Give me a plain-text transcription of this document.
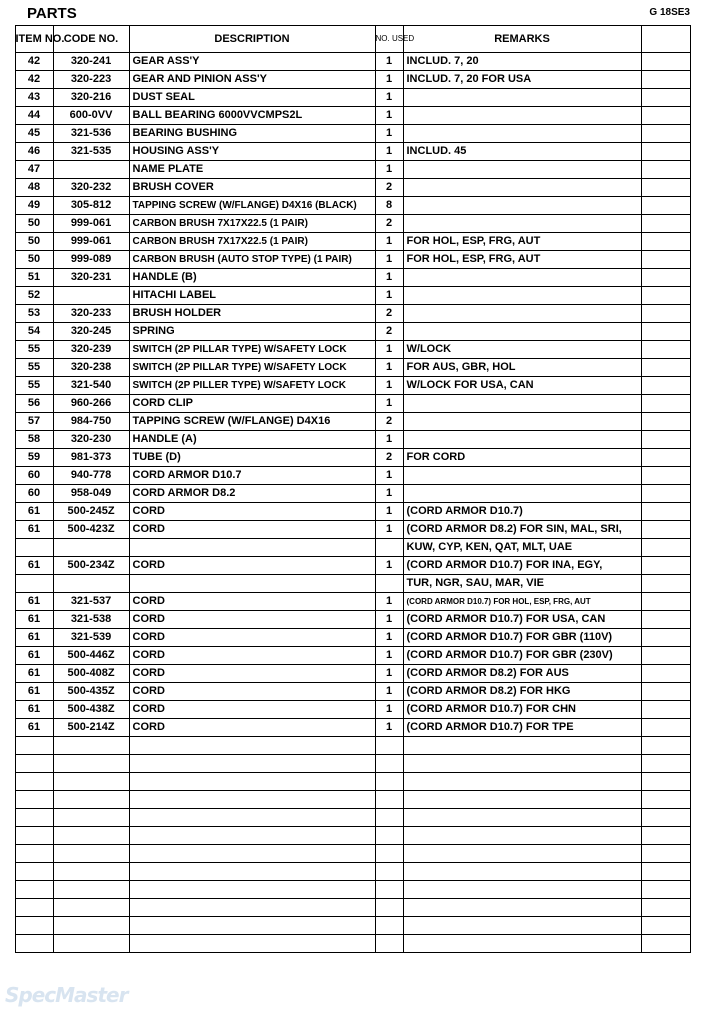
PARTS	G 18SE3
	ITEM NO.	CODE NO.	DESCRIPTION	NO. USED	REMARKS	
	42	320-241	GEAR ASS'Y	1	INCLUD. 7, 20	
	42	320-223	GEAR AND PINION ASS'Y	1	INCLUD. 7, 20 FOR USA	
	43	320-216	DUST SEAL	1		
	44	600-0VV	BALL BEARING 6000VVCMPS2L	1		
	45	321-536	BEARING BUSHING	1		
	46	321-535	HOUSING ASS'Y	1	INCLUD. 45	
	47		NAME PLATE	1		
	48	320-232	BRUSH COVER	2		
	49	305-812	TAPPING SCREW (W/FLANGE) D4X16 (BLACK)	8		
	50	999-061	CARBON BRUSH 7X17X22.5 (1 PAIR)	2		
	50	999-061	CARBON BRUSH 7X17X22.5 (1 PAIR)	1	FOR HOL, ESP, FRG, AUT	
	50	999-089	CARBON BRUSH (AUTO STOP TYPE) (1 PAIR)	1	FOR HOL, ESP, FRG, AUT	
	51	320-231	HANDLE (B)	1		
	52		HITACHI LABEL	1		
	53	320-233	BRUSH HOLDER	2		
	54	320-245	SPRING	2		
	55	320-239	SWITCH (2P PILLAR TYPE) W/SAFETY LOCK	1	W/LOCK	
	55	320-238	SWITCH (2P PILLAR TYPE) W/SAFETY LOCK	1	FOR AUS, GBR, HOL	
	55	321-540	SWITCH (2P PILLER TYPE) W/SAFETY LOCK	1	W/LOCK FOR USA, CAN	
	56	960-266	CORD CLIP	1		
	57	984-750	TAPPING SCREW (W/FLANGE) D4X16	2		
	58	320-230	HANDLE (A)	1		
	59	981-373	TUBE (D)	2	FOR CORD	
	60	940-778	CORD ARMOR D10.7	1		
	60	958-049	CORD ARMOR D8.2	1		
	61	500-245Z	CORD	1	(CORD ARMOR D10.7)	
	61	500-423Z	CORD	1	(CORD ARMOR D8.2) FOR SIN, MAL, SRI,	
					KUW, CYP, KEN, QAT, MLT, UAE	
	61	500-234Z	CORD	1	(CORD ARMOR D10.7) FOR INA, EGY,	
					TUR, NGR, SAU, MAR, VIE	
	61	321-537	CORD	1	(CORD ARMOR D10.7) FOR HOL, ESP, FRG, AUT	
	61	321-538	CORD	1	(CORD ARMOR D10.7) FOR USA, CAN	
	61	321-539	CORD	1	(CORD ARMOR D10.7) FOR GBR (110V)	
	61	500-446Z	CORD	1	(CORD ARMOR D10.7) FOR GBR (230V)	
	61	500-408Z	CORD	1	(CORD ARMOR D8.2) FOR AUS	
	61	500-435Z	CORD	1	(CORD ARMOR D8.2) FOR HKG	
	61	500-438Z	CORD	1	(CORD ARMOR D10.7) FOR CHN	
	61	500-214Z	CORD	1	(CORD ARMOR D10.7) FOR TPE	

SpecMaster
